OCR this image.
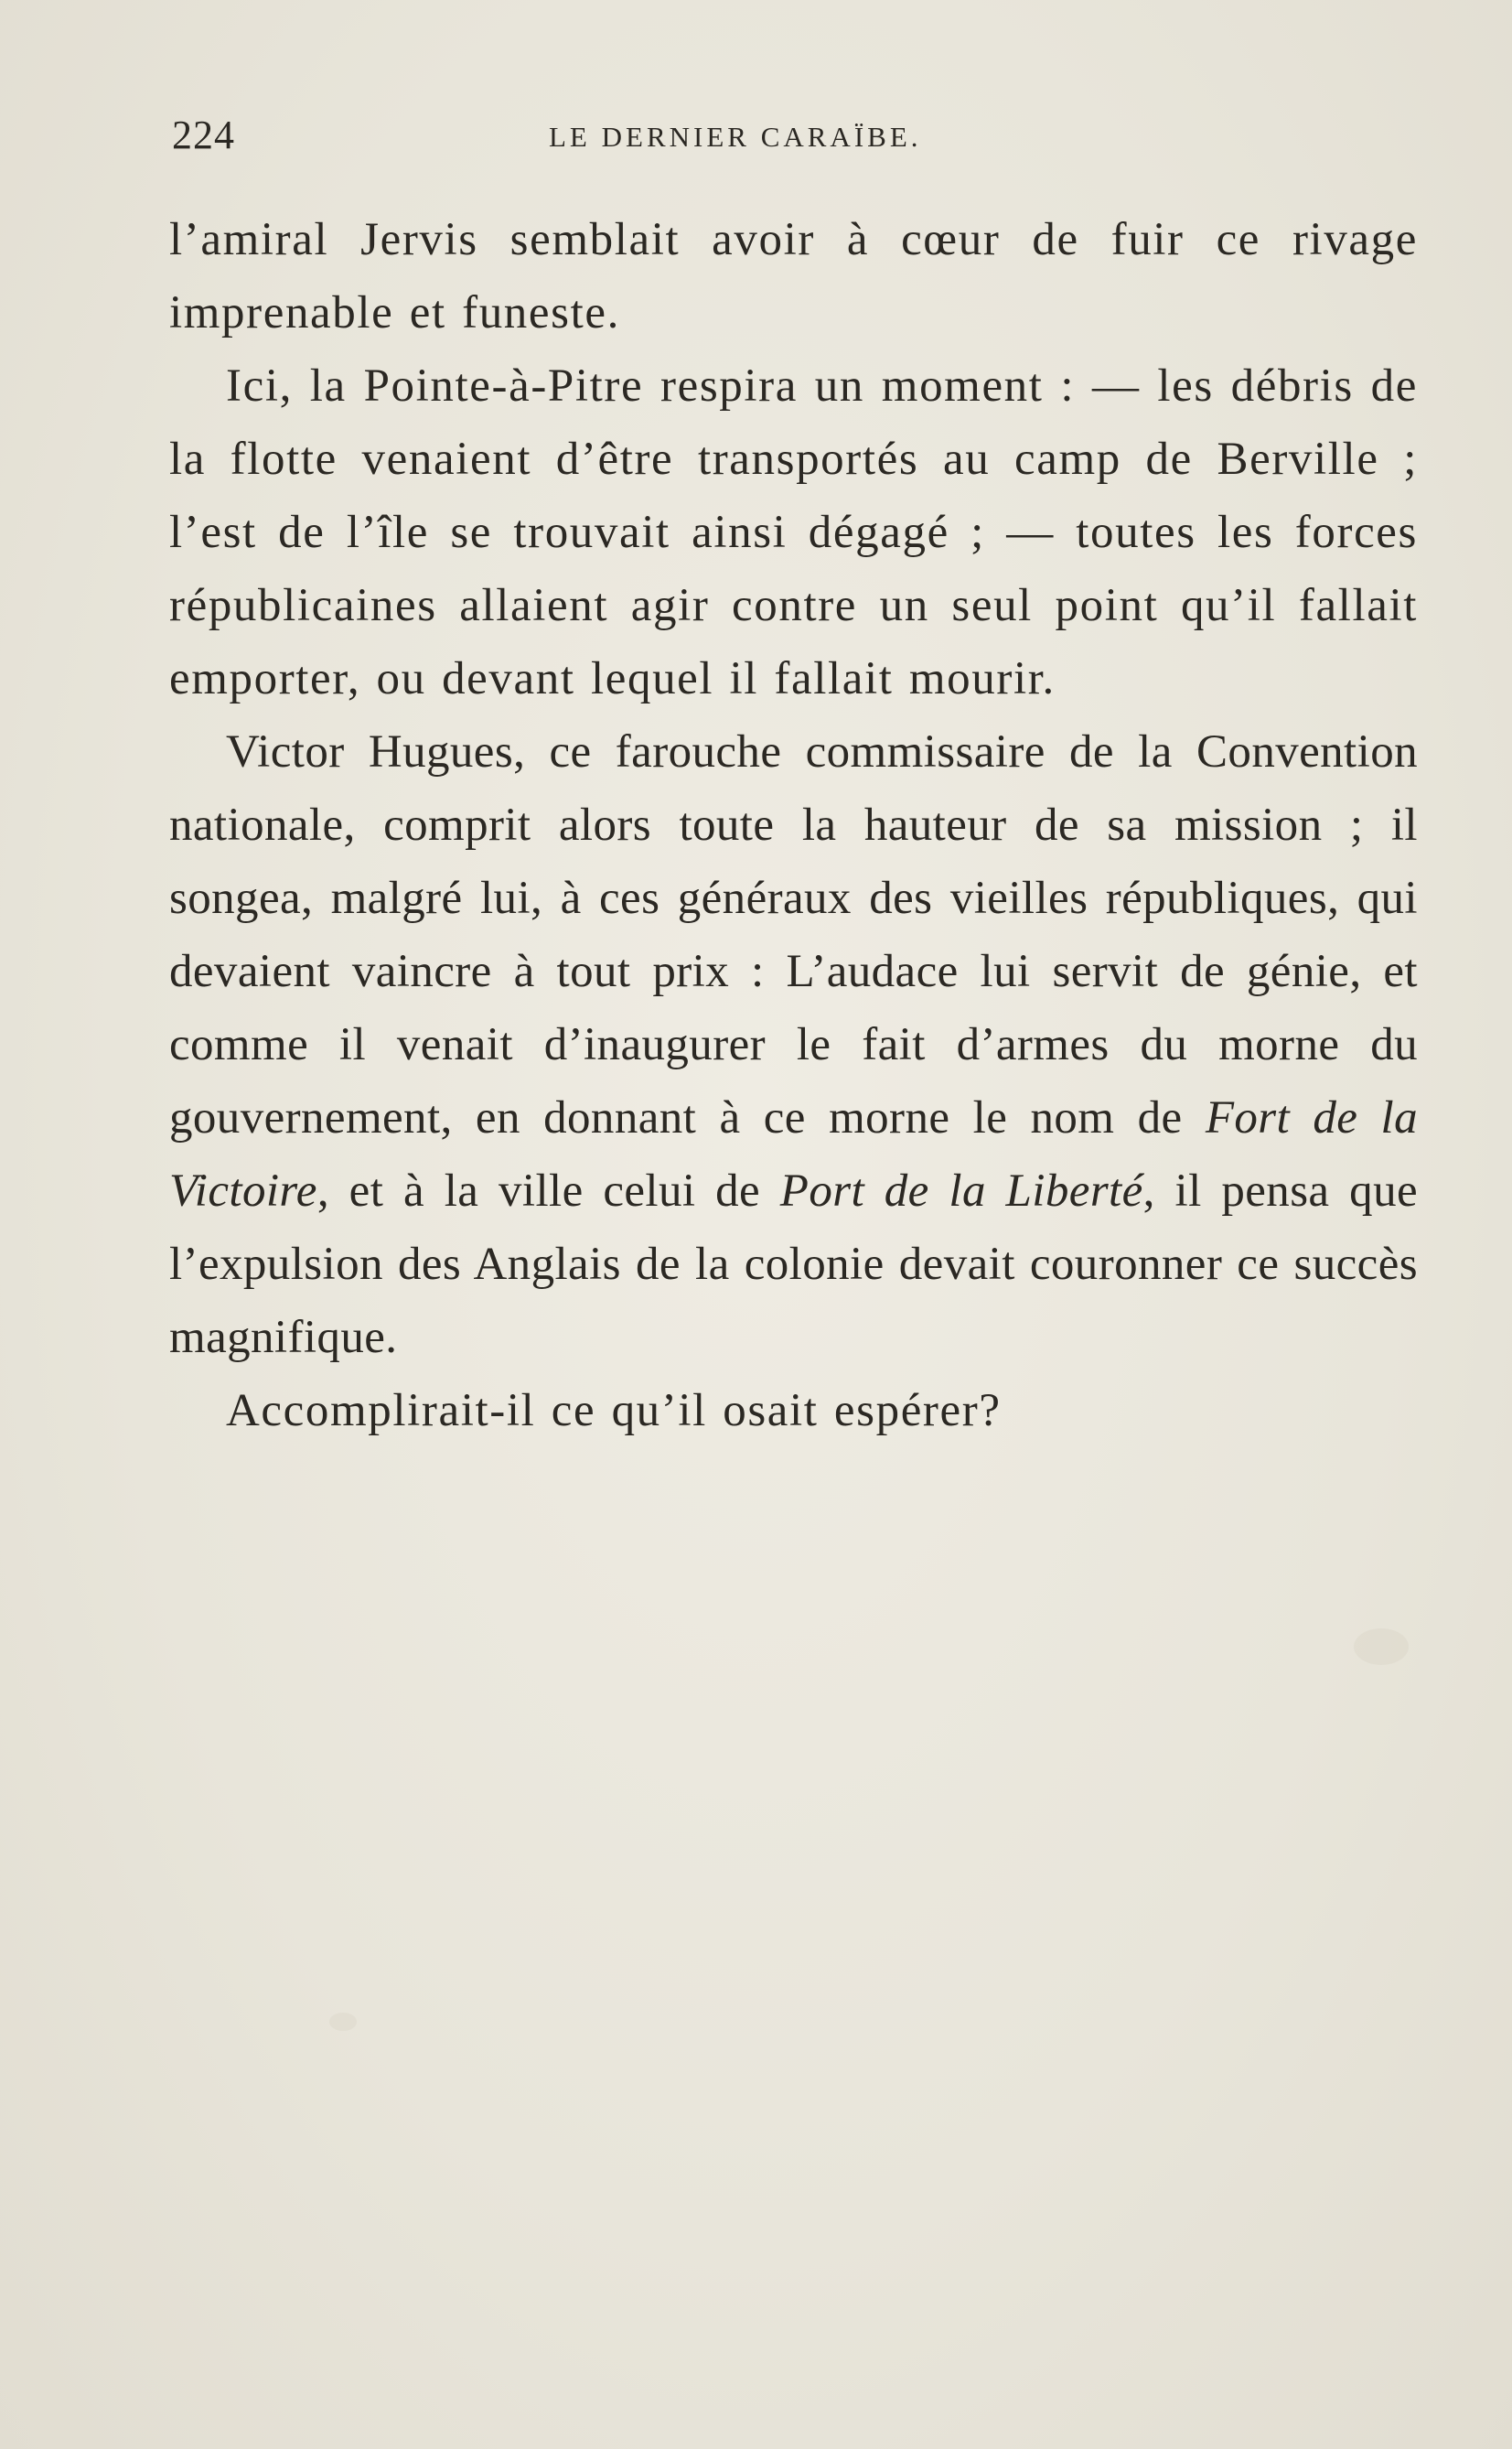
224	LE DERNIER CARAÏBE.

l’amiral Jervis semblait avoir à cœur de fuir ce rivage imprenable et funeste.

Ici, la Pointe-à-Pitre respira un moment : — les débris de la flotte venaient d’être transportés au camp de Berville ; l’est de l’île se trouvait ainsi dégagé ; — toutes les forces républicaines allaient agir contre un seul point qu’il fallait emporter, ou devant lequel il fallait mourir.

Victor Hugues, ce farouche commissaire de la Convention nationale, comprit alors toute la hauteur de sa mission ; il songea, malgré lui, à ces généraux des vieilles républiques, qui devaient vaincre à tout prix : L’audace lui servit de génie, et comme il venait d’inaugurer le fait d’armes du morne du gouvernement, en donnant à ce morne le nom de Fort de la Victoire, et à la ville celui de Port de la Liberté, il pensa que l’expulsion des Anglais de la colonie devait couronner ce succès magnifique.

Accomplirait-il ce qu’il osait espérer?
